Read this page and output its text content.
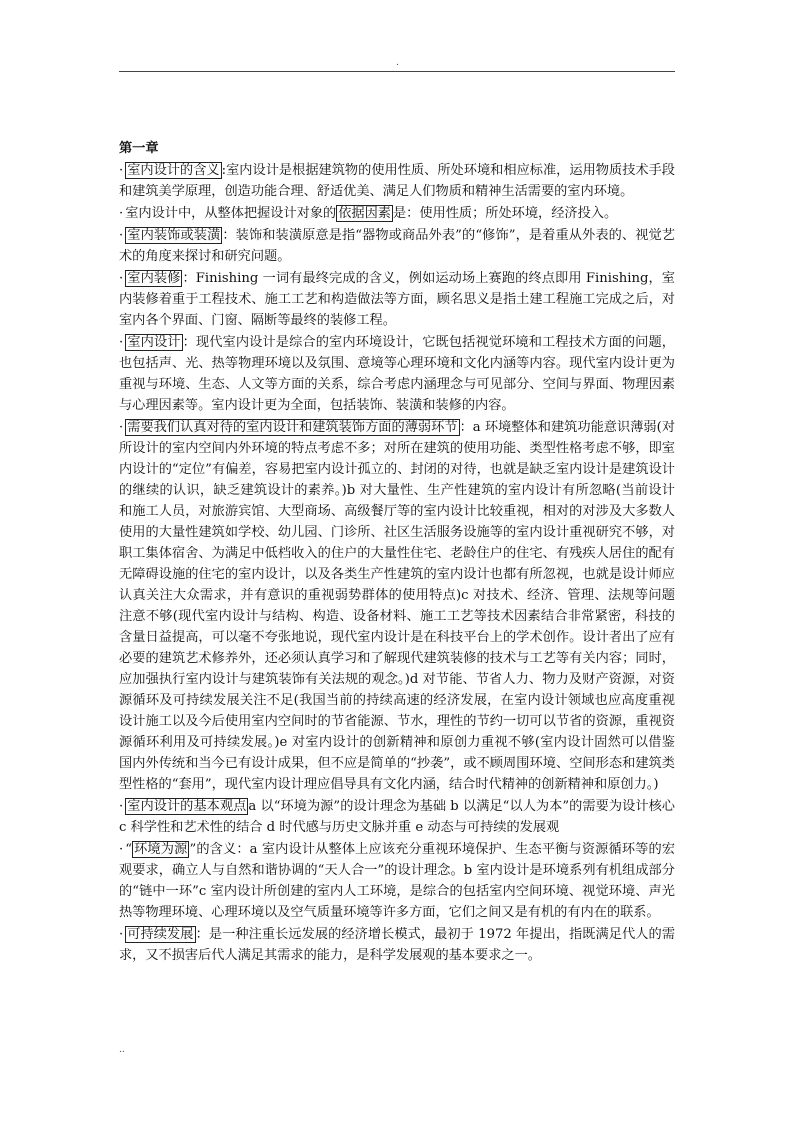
.
第一章

· 室内设计的含义 :室内设计是根据建筑物的使用性质、所处环境和相应标准，运用物质技术手段和建筑美学原理，创造功能合理、舒适优美、满足人们物质和精神生活需要的室内环境。

· 室内设计中，从整体把握设计对象的 依据因素 是：使用性质；所处环境，经济投入。

· 室内装饰或装潢 ：装饰和装潢原意是指“器物或商品外表”的“修饰”，是着重从外表的、视觉艺术的角度来探讨和研究问题。

· 室内装修 ：Finishing 一词有最终完成的含义，例如运动场上赛跑的终点即用 Finishing，室内装修着重于工程技术、施工工艺和构造做法等方面，顾名思义是指土建工程施工完成之后，对室内各个界面、门窗、隔断等最终的装修工程。

· 室内设计 ：现代室内设计是综合的室内环境设计，它既包括视觉环境和工程技术方面的问题，也包括声、光、热等物理环境以及氛围、意境等心理环境和文化内涵等内容。现代室内设计更为重视与环境、生态、人文等方面的关系，综合考虑内涵理念与可见部分、空间与界面、物理因素与心理因素等。室内设计更为全面，包括装饰、装潢和装修的内容。

· 需要我们认真对待的室内设计和建筑装饰方面的薄弱环节 ：a 环境整体和建筑功能意识薄弱(对所设计的室内空间内外环境的特点考虑不多；对所在建筑的使用功能、类型性格考虑不够，即室内设计的“定位”有偏差，容易把室内设计孤立的、封闭的对待，也就是缺乏室内设计是建筑设计的继续的认识，缺乏建筑设计的素养。)b 对大量性、生产性建筑的室内设计有所忽略(当前设计和施工人员，对旅游宾馆、大型商场、高级餐厅等的室内设计比较重视，相对的对涉及大多数人使用的大量性建筑如学校、幼儿园、门诊所、社区生活服务设施等的室内设计重视研究不够，对职工集体宿舍、为满足中低档收入的住户的大量性住宅、老龄住户的住宅、有残疾人居住的配有无障碍设施的住宅的室内设计，以及各类生产性建筑的室内设计也都有所忽视，也就是设计师应认真关注大众需求，并有意识的重视弱势群体的使用特点)c 对技术、经济、管理、法规等问题注意不够(现代室内设计与结构、构造、设备材料、施工工艺等技术因素结合非常紧密，科技的含量日益提高，可以毫不夸张地说，现代室内设计是在科技平台上的学术创作。设计者出了应有必要的建筑艺术修养外，还必须认真学习和了解现代建筑装修的技术与工艺等有关内容；同时，应加强执行室内设计与建筑装饰有关法规的观念。)d 对节能、节省人力、物力及财产资源，对资源循环及可持续发展关注不足(我国当前的持续高速的经济发展，在室内设计领域也应高度重视设计施工以及今后使用室内空间时的节省能源、节水，理性的节约一切可以节省的资源，重视资源循环利用及可持续发展。)e 对室内设计的创新精神和原创力重视不够(室内设计固然可以借鉴国内外传统和当今已有设计成果，但不应是简单的“抄袭”，或不顾周围环境、空间形态和建筑类型性格的“套用”，现代室内设计理应倡导具有文化内涵，结合时代精神的创新精神和原创力。)

· 室内设计的基本观点 a 以“环境为源”的设计理念为基础 b 以满足“以人为本”的需要为设计核心 c 科学性和艺术性的结合 d 时代感与历史文脉并重 e 动态与可持续的发展观

· “ 环境为源 ”的含义：a 室内设计从整体上应该充分重视环境保护、生态平衡与资源循环等的宏观要求，确立人与自然和谐协调的“天人合一”的设计理念。b 室内设计是环境系列有机组成部分的“链中一环”c 室内设计所创建的室内人工环境，是综合的包括室内空间环境、视觉环境、声光热等物理环境、心理环境以及空气质量环境等许多方面，它们之间又是有机的有内在的联系。

· 可持续发展 ：是一种注重长远发展的经济增长模式，最初于 1972 年提出，指既满足代人的需求，又不损害后代人满足其需求的能力，是科学发展观的基本要求之一。

..
